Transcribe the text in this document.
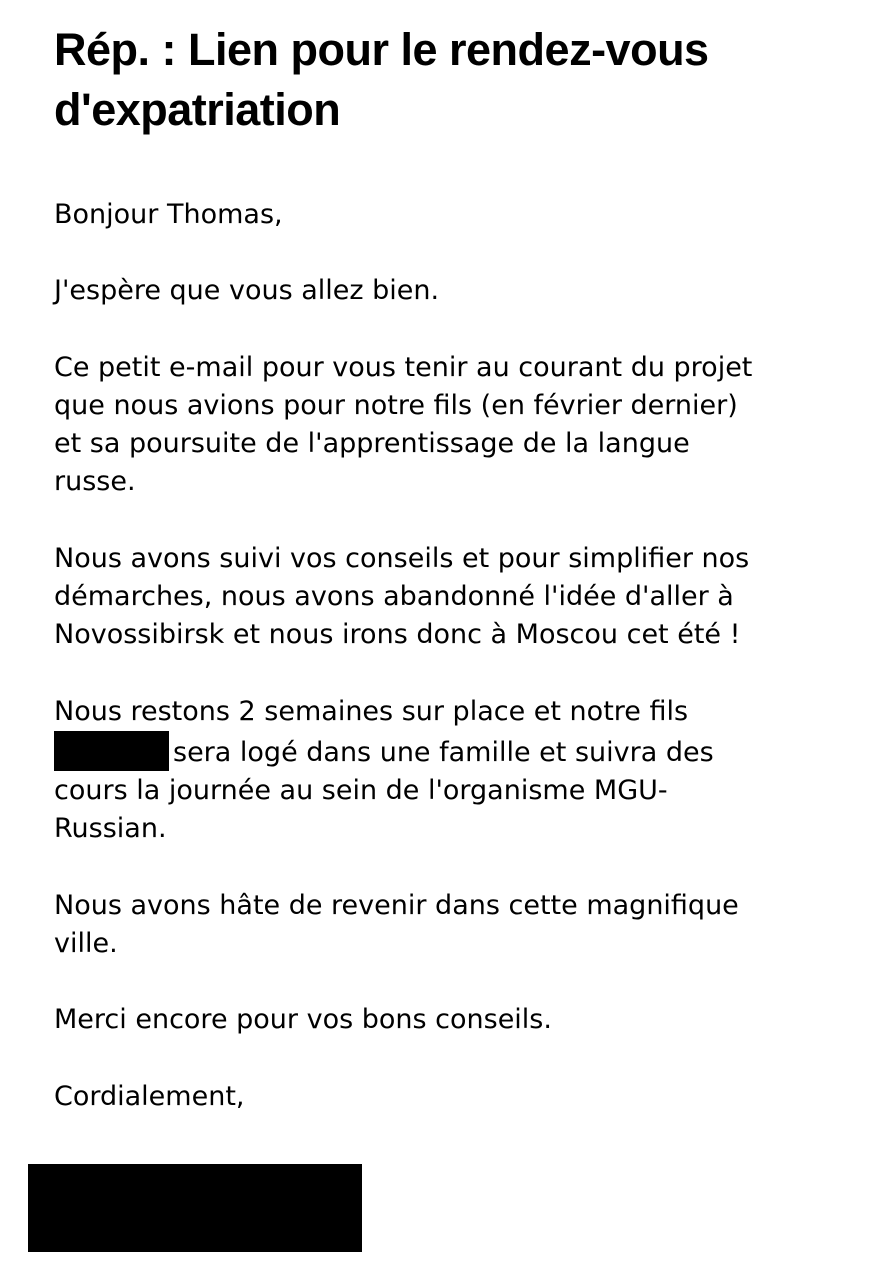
Rép. : Lien pour le rendez-vous d'expatriation

Bonjour Thomas,

J'espère que vous allez bien.

Ce petit e-mail pour vous tenir au courant du projet
que nous avions pour notre fils (en février dernier)
et sa poursuite de l'apprentissage de la langue
russe.

Nous avons suivi vos conseils et pour simplifier nos
démarches, nous avons abandonné l'idée d'aller à
Novossibirsk et nous irons donc à Moscou cet été !

Nous restons 2 semaines sur place et notre fils
sera logé dans une famille et suivra des
cours la journée au sein de l'organisme MGU-
Russian.

Nous avons hâte de revenir dans cette magnifique
ville.

Merci encore pour vos bons conseils.

Cordialement,
